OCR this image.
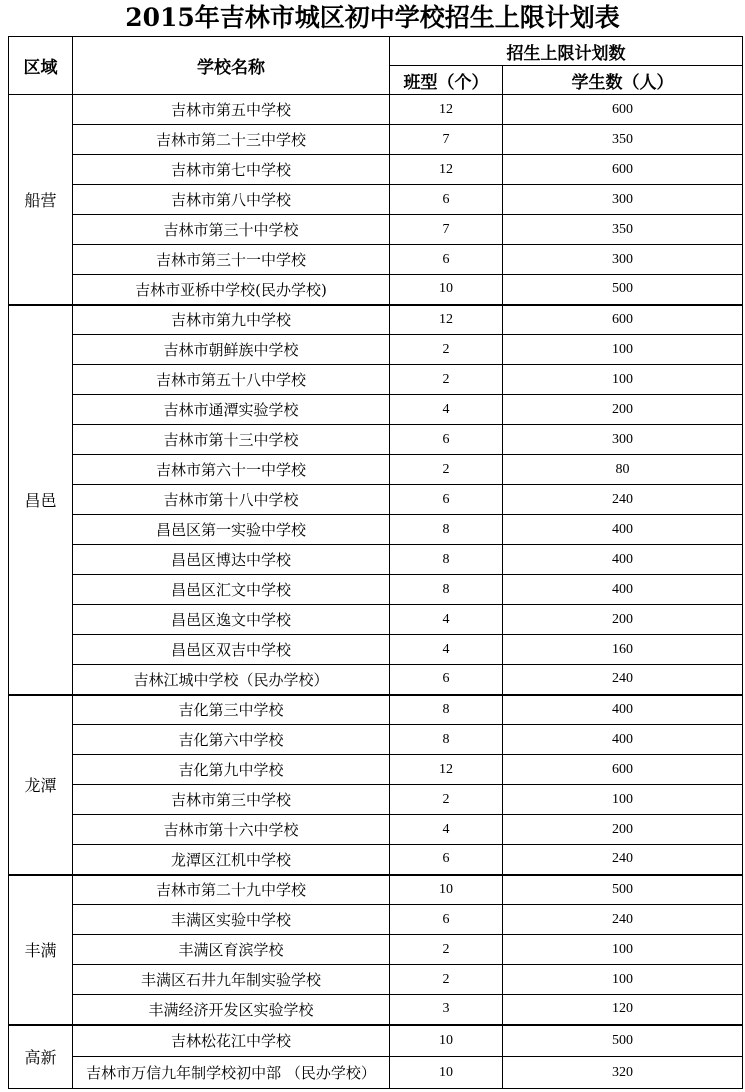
2015年吉林市城区初中学校招生上限计划表
区域	学校名称	招生上限计划数	
		班型（个）	学生数（人）
船营	吉林市第五中学校	12	600
	吉林市第二十三中学校	7	350
	吉林市第七中学校	12	600
	吉林市第八中学校	6	300
	吉林市第三十中学校	7	350
	吉林市第三十一中学校	6	300
	吉林市亚桥中学校(民办学校)	10	500
昌邑	吉林市第九中学校	12	600
	吉林市朝鲜族中学校	2	100
	吉林市第五十八中学校	2	100
	吉林市通潭实验学校	4	200
	吉林市第十三中学校	6	300
	吉林市第六十一中学校	2	80
	吉林市第十八中学校	6	240
	昌邑区第一实验中学校	8	400
	昌邑区博达中学校	8	400
	昌邑区汇文中学校	8	400
	昌邑区逸文中学校	4	200
	昌邑区双吉中学校	4	160
	吉林江城中学校（民办学校）	6	240
龙潭	吉化第三中学校	8	400
	吉化第六中学校	8	400
	吉化第九中学校	12	600
	吉林市第三中学校	2	100
	吉林市第十六中学校	4	200
	龙潭区江机中学校	6	240
丰满	吉林市第二十九中学校	10	500
	丰满区实验中学校	6	240
	丰满区育滨学校	2	100
	丰满区石井九年制实验学校	2	100
	丰满经济开发区实验学校	3	120
高新	吉林松花江中学校	10	500
	吉林市万信九年制学校初中部 （民办学校）	10	320
